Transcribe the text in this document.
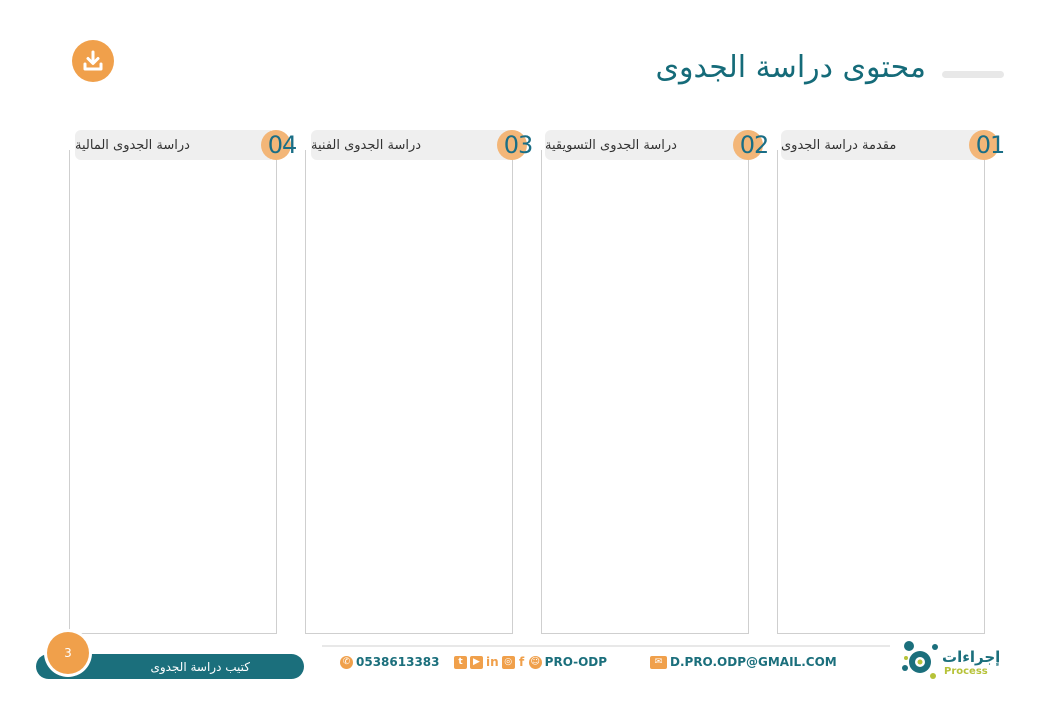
محتوى دراسة الجدوى
مقدمة دراسة الجدوى	01
دراسة الجدوى التسويقية	02
دراسة الجدوى الفنية	03
دراسة الجدوى المالية	04
كتيب دراسة الجدوى
3
✆ 0538613383	t	▶ in ◎ f ☺ PRO-ODP	✉ D.PRO.ODP@GMAIL.COM	إجراءات
Process
